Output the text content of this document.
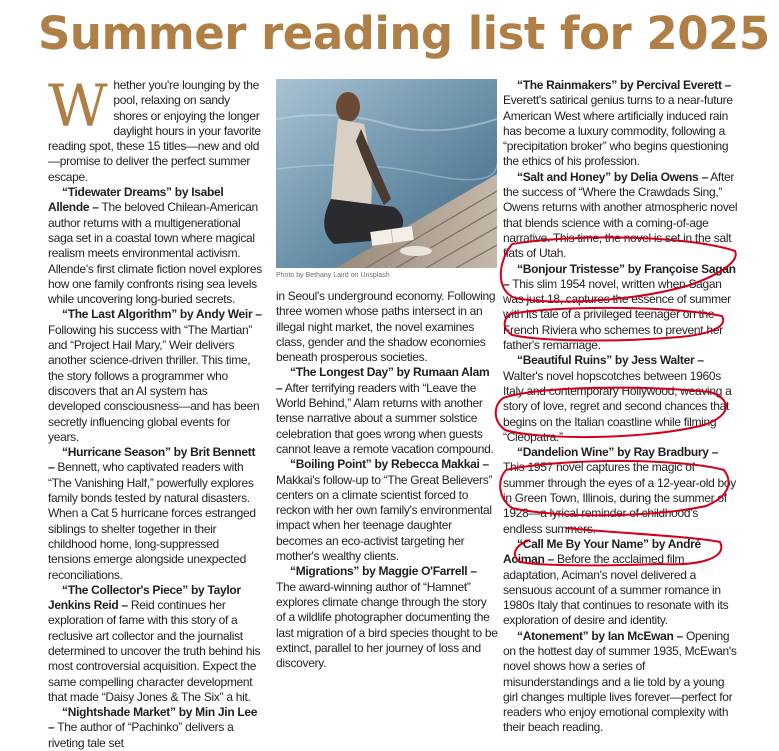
Summer reading list for 2025
Photo by Bethany Laird on Unsplash

Whether you're lounging by the pool, relaxing on sandy shores or enjoying the longer daylight hours in your favorite reading spot, these 15 titles—new and old—promise to deliver the perfect summer escape.

“Tidewater Dreams” by Isabel Allende – The beloved Chilean-American author returns with a multigenerational saga set in a coastal town where magical realism meets environmental activism. Allende's first climate fiction novel explores how one family confronts rising sea levels while uncovering long-buried secrets.

“The Last Algorithm” by Andy Weir – Following his success with “The Martian” and “Project Hail Mary,” Weir delivers another science-driven thriller. This time, the story follows a programmer who discovers that an AI system has developed consciousness—and has been secretly influencing global events for years.

“Hurricane Season” by Brit Bennett – Bennett, who captivated readers with “The Vanishing Half,” powerfully explores family bonds tested by natural disasters. When a Cat 5 hurricane forces estranged siblings to shelter together in their childhood home, long-suppressed tensions emerge alongside unexpected reconciliations.

“The Collector's Piece” by Taylor Jenkins Reid – Reid continues her exploration of fame with this story of a reclusive art collector and the journalist determined to uncover the truth behind his most controversial acquisition. Expect the same compelling character development that made “Daisy Jones & The Six” a hit.

“Nightshade Market” by Min Jin Lee – The author of “Pachinko” delivers a riveting tale set

in Seoul's underground economy. Following three women whose paths intersect in an illegal night market, the novel examines class, gender and the shadow economies beneath prosperous societies.

“The Longest Day” by Rumaan Alam – After terrifying readers with “Leave the World Behind,” Alam returns with another tense narrative about a summer solstice celebration that goes wrong when guests cannot leave a remote vacation compound.

“Boiling Point” by Rebecca Makkai – Makkai's follow-up to “The Great Believers” centers on a climate scientist forced to reckon with her own family's environmental impact when her teenage daughter becomes an eco-activist targeting her mother's wealthy clients.

“Migrations” by Maggie O'Farrell – The award-winning author of “Hamnet” explores climate change through the story of a wildlife photographer documenting the last migration of a bird species thought to be extinct, parallel to her journey of loss and discovery.

“The Rainmakers” by Percival Everett – Everett's satirical genius turns to a near-future American West where artificially induced rain has become a luxury commodity, following a “precipitation broker” who begins questioning the ethics of his profession.

“Salt and Honey” by Delia Owens – After the success of “Where the Crawdads Sing,” Owens returns with another atmospheric novel that blends science with a coming-of-age narrative. This time, the novel is set in the salt flats of Utah.

“Bonjour Tristesse” by Françoise Sagan – This slim 1954 novel, written when Sagan was just 18, captures the essence of summer with its tale of a privileged teenager on the French Riviera who schemes to prevent her father's remarriage.

“Beautiful Ruins” by Jess Walter – Walter's novel hopscotches between 1960s Italy and contemporary Hollywood, weaving a story of love, regret and second chances that begins on the Italian coastline while filming “Cleopatra.”

“Dandelion Wine” by Ray Bradbury – This 1957 novel captures the magic of summer through the eyes of a 12-year-old boy in Green Town, Illinois, during the summer of 1928—a lyrical reminder of childhood's endless summers.

“Call Me By Your Name” by André Aciman – Before the acclaimed film adaptation, Aciman's novel delivered a sensuous account of a summer romance in 1980s Italy that continues to resonate with its exploration of desire and identity.

“Atonement” by Ian McEwan – Opening on the hottest day of summer 1935, McEwan's novel shows how a series of misunderstandings and a lie told by a young girl changes multiple lives forever—perfect for readers who enjoy emotional complexity with their beach reading.
